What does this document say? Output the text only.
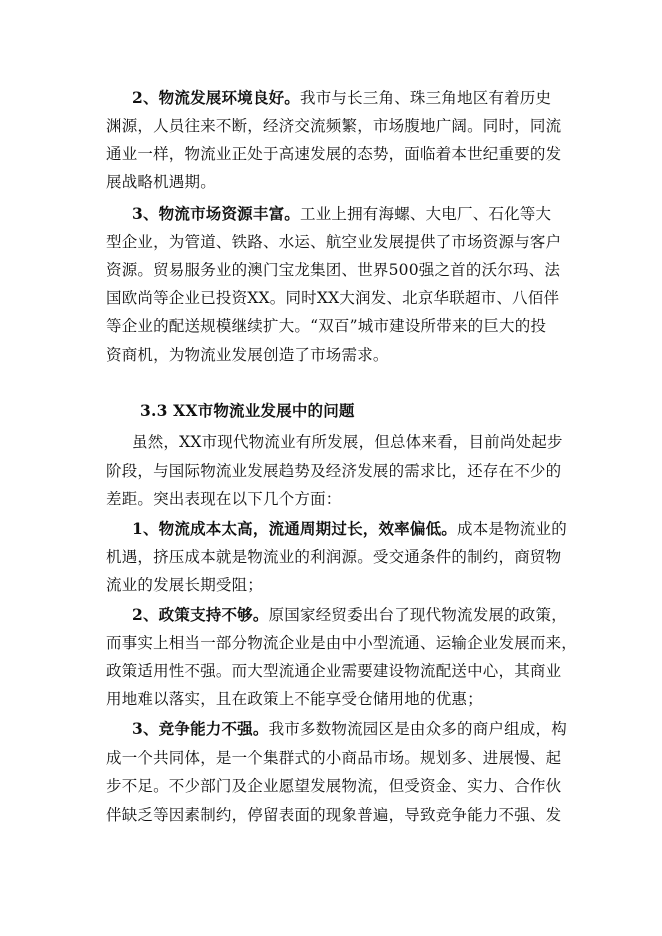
2、物流发展环境良好。我市与长三角、珠三角地区有着历史
渊源，人员往来不断，经济交流频繁，市场腹地广阔。同时，同流
通业一样，物流业正处于高速发展的态势，面临着本世纪重要的发
展战略机遇期。
3、物流市场资源丰富。工业上拥有海螺、大电厂、石化等大
型企业，为管道、铁路、水运、航空业发展提供了市场资源与客户
资源。贸易服务业的澳门宝龙集团、世界500强之首的沃尔玛、法
国欧尚等企业已投资XX。同时XX大润发、北京华联超市、八佰伴
等企业的配送规模继续扩大。“双百”城市建设所带来的巨大的投
资商机，为物流业发展创造了市场需求。
3.3 XX市物流业发展中的问题
虽然，XX市现代物流业有所发展，但总体来看，目前尚处起步
阶段，与国际物流业发展趋势及经济发展的需求比，还存在不少的
差距。突出表现在以下几个方面：
1、物流成本太高，流通周期过长，效率偏低。成本是物流业的
机遇，挤压成本就是物流业的利润源。受交通条件的制约，商贸物
流业的发展长期受阻；
2、政策支持不够。原国家经贸委出台了现代物流发展的政策，
而事实上相当一部分物流企业是由中小型流通、运输企业发展而来，
政策适用性不强。而大型流通企业需要建设物流配送中心，其商业
用地难以落实，且在政策上不能享受仓储用地的优惠；
3、竞争能力不强。我市多数物流园区是由众多的商户组成，构
成一个共同体，是一个集群式的小商品市场。规划多、进展慢、起
步不足。不少部门及企业愿望发展物流，但受资金、实力、合作伙
伴缺乏等因素制约，停留表面的现象普遍，导致竞争能力不强、发
